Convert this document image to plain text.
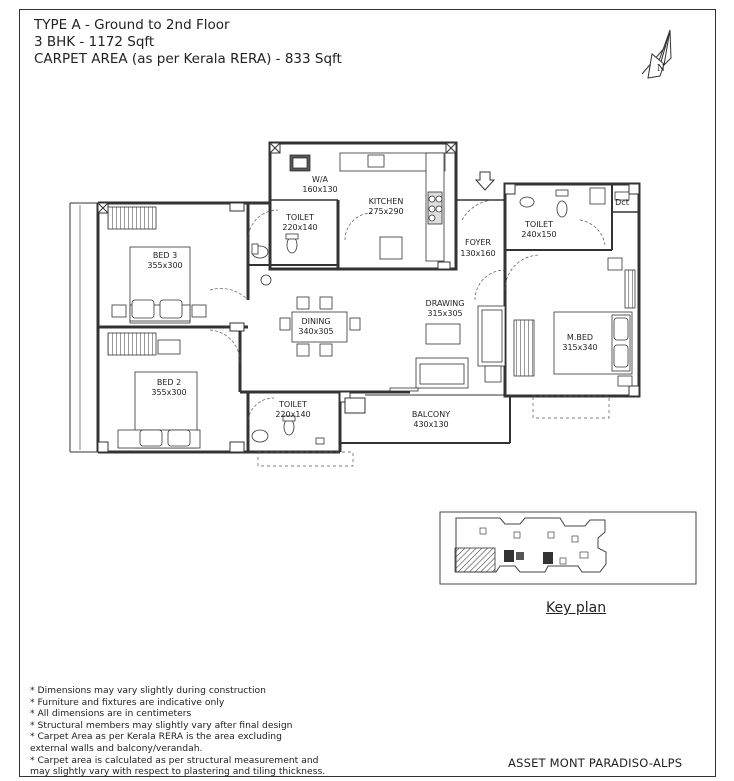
TYPE A - Ground to 2nd Floor
3 BHK - 1172 Sqft
CARPET AREA (as per Kerala RERA) - 833 Sqft
N
W/A
160x130
KITCHEN
275x290
TOILET
220x140
BED 3
355x300
DINING
340x305
DRAWING
315x305
FOYER
130x160
TOILET
240x150
Dct
M.BED
315x340
BED 2
355x300
TOILET
220x140	BALCONY
430x130
Key plan
* Dimensions may vary slightly during construction
* Furniture and fixtures are indicative only
* All dimensions are in centimeters
* Structural members may slightly vary after final design
* Carpet Area as per Kerala RERA is the area excluding
external walls and balcony/verandah.
* Carpet area is calculated as per structural measurement and
may slightly vary with respect to plastering and tiling thickness.
ASSET MONT PARADISO-ALPS
